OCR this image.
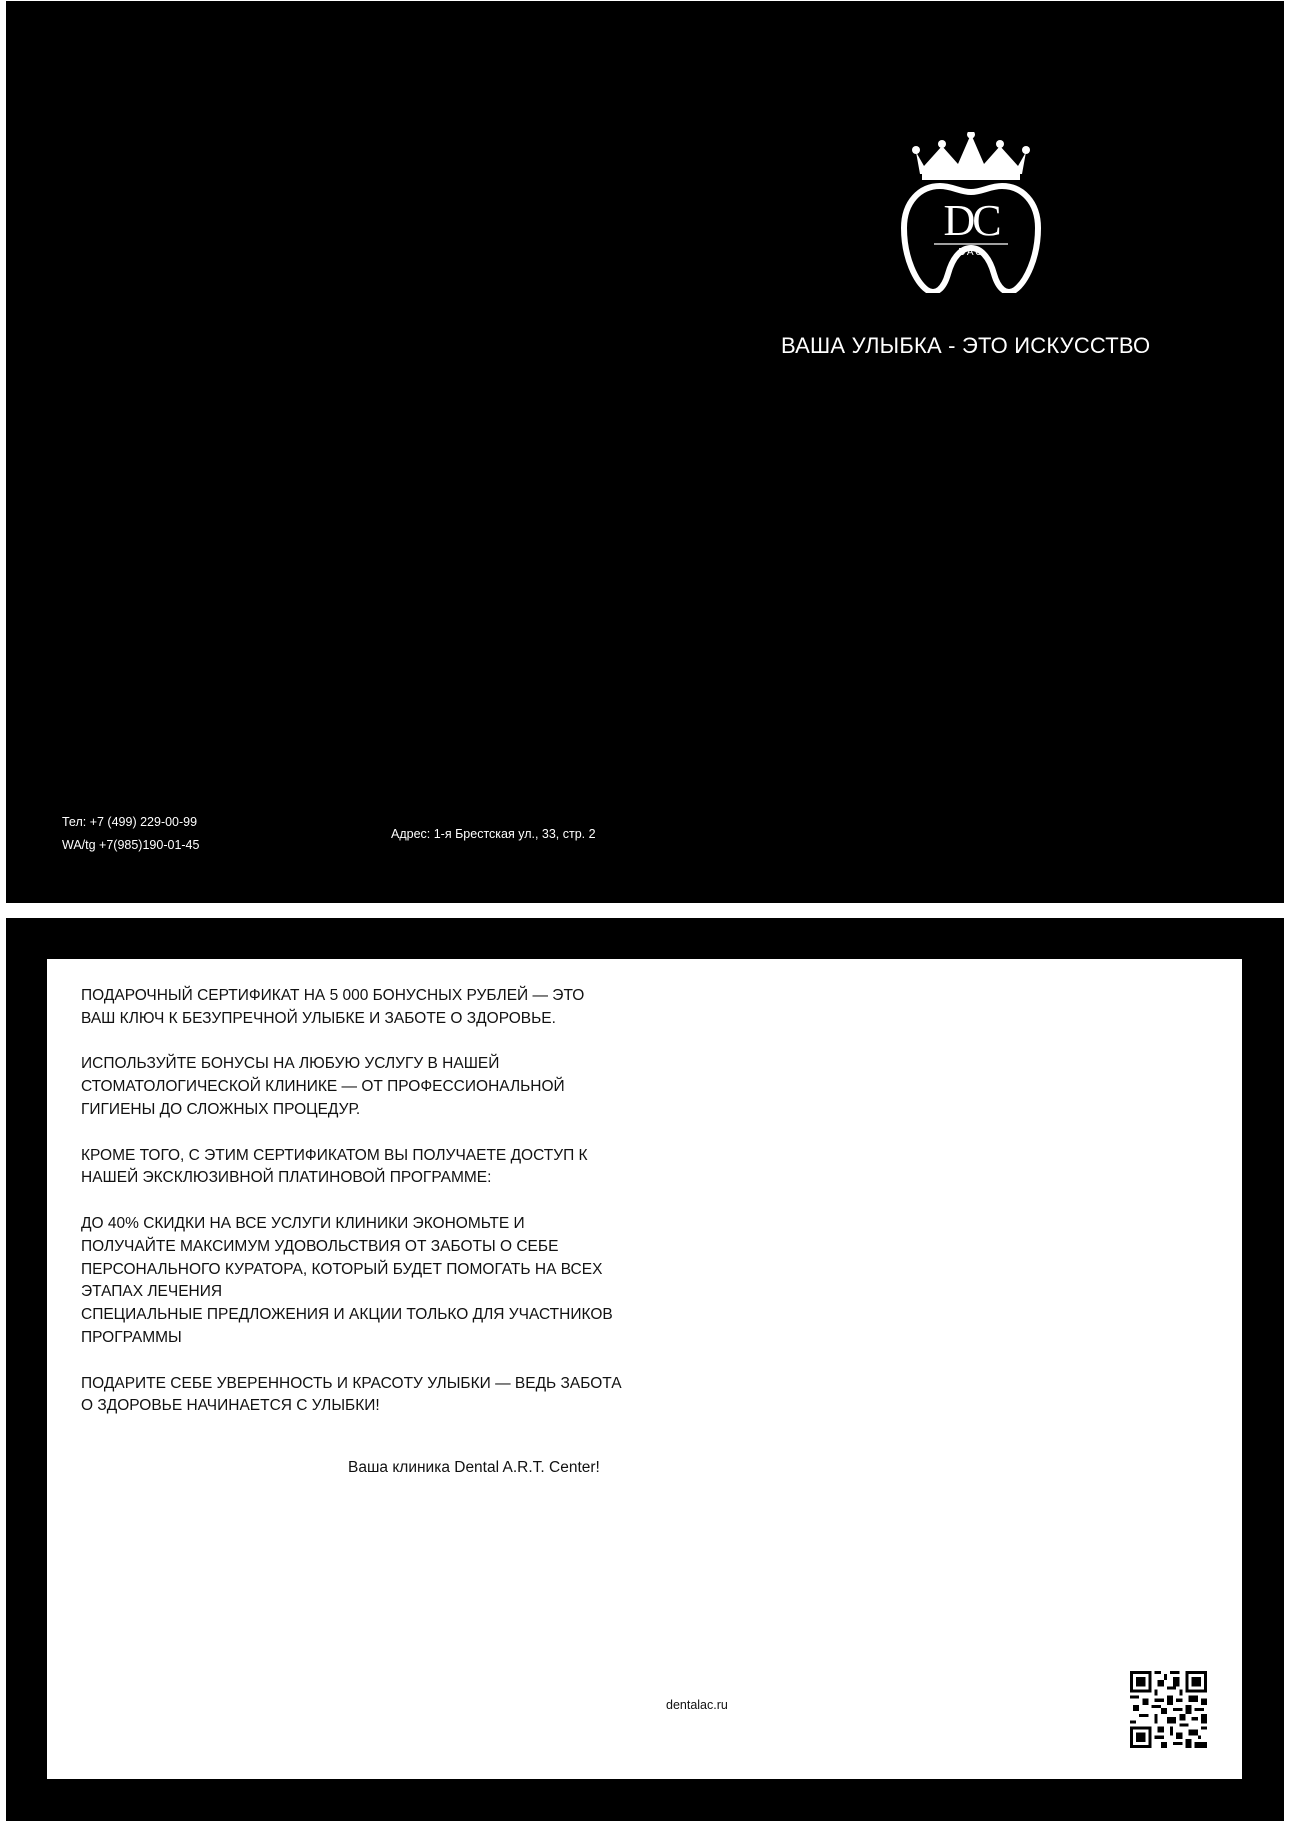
DC
DAC
ВАША УЛЫБКА - ЭТО ИСКУССТВО
Тел: +7 (499) 229-00-99
WA/tg +7(985)190-01-45
Адрес: 1-я Брестская ул., 33, стр. 2

ПОДАРОЧНЫЙ СЕРТИФИКАТ НА 5 000 БОНУСНЫХ РУБЛЕЙ — ЭТО
ВАШ КЛЮЧ К БЕЗУПРЕЧНОЙ УЛЫБКЕ И ЗАБОТЕ О ЗДОРОВЬЕ.

ИСПОЛЬЗУЙТЕ БОНУСЫ НА ЛЮБУЮ УСЛУГУ В НАШЕЙ
СТОМАТОЛОГИЧЕСКОЙ КЛИНИКЕ — ОТ ПРОФЕССИОНАЛЬНОЙ
ГИГИЕНЫ ДО СЛОЖНЫХ ПРОЦЕДУР.

КРОМЕ ТОГО, С ЭТИМ СЕРТИФИКАТОМ ВЫ ПОЛУЧАЕТЕ ДОСТУП К
НАШЕЙ ЭКСКЛЮЗИВНОЙ ПЛАТИНОВОЙ ПРОГРАММЕ:

ДО 40% СКИДКИ НА ВСЕ УСЛУГИ КЛИНИКИ ЭКОНОМЬТЕ И
ПОЛУЧАЙТЕ МАКСИМУМ УДОВОЛЬСТВИЯ ОТ ЗАБОТЫ О СЕБЕ
ПЕРСОНАЛЬНОГО КУРАТОРА, КОТОРЫЙ БУДЕТ ПОМОГАТЬ НА ВСЕХ
ЭТАПАХ ЛЕЧЕНИЯ
СПЕЦИАЛЬНЫЕ ПРЕДЛОЖЕНИЯ И АКЦИИ ТОЛЬКО ДЛЯ УЧАСТНИКОВ
ПРОГРАММЫ

ПОДАРИТЕ СЕБЕ УВЕРЕННОСТЬ И КРАСОТУ УЛЫБКИ — ВЕДЬ ЗАБОТА
О ЗДОРОВЬЕ НАЧИНАЕТСЯ С УЛЫБКИ!

Ваша клиника Dental A.R.T. Center!
dentalac.ru
